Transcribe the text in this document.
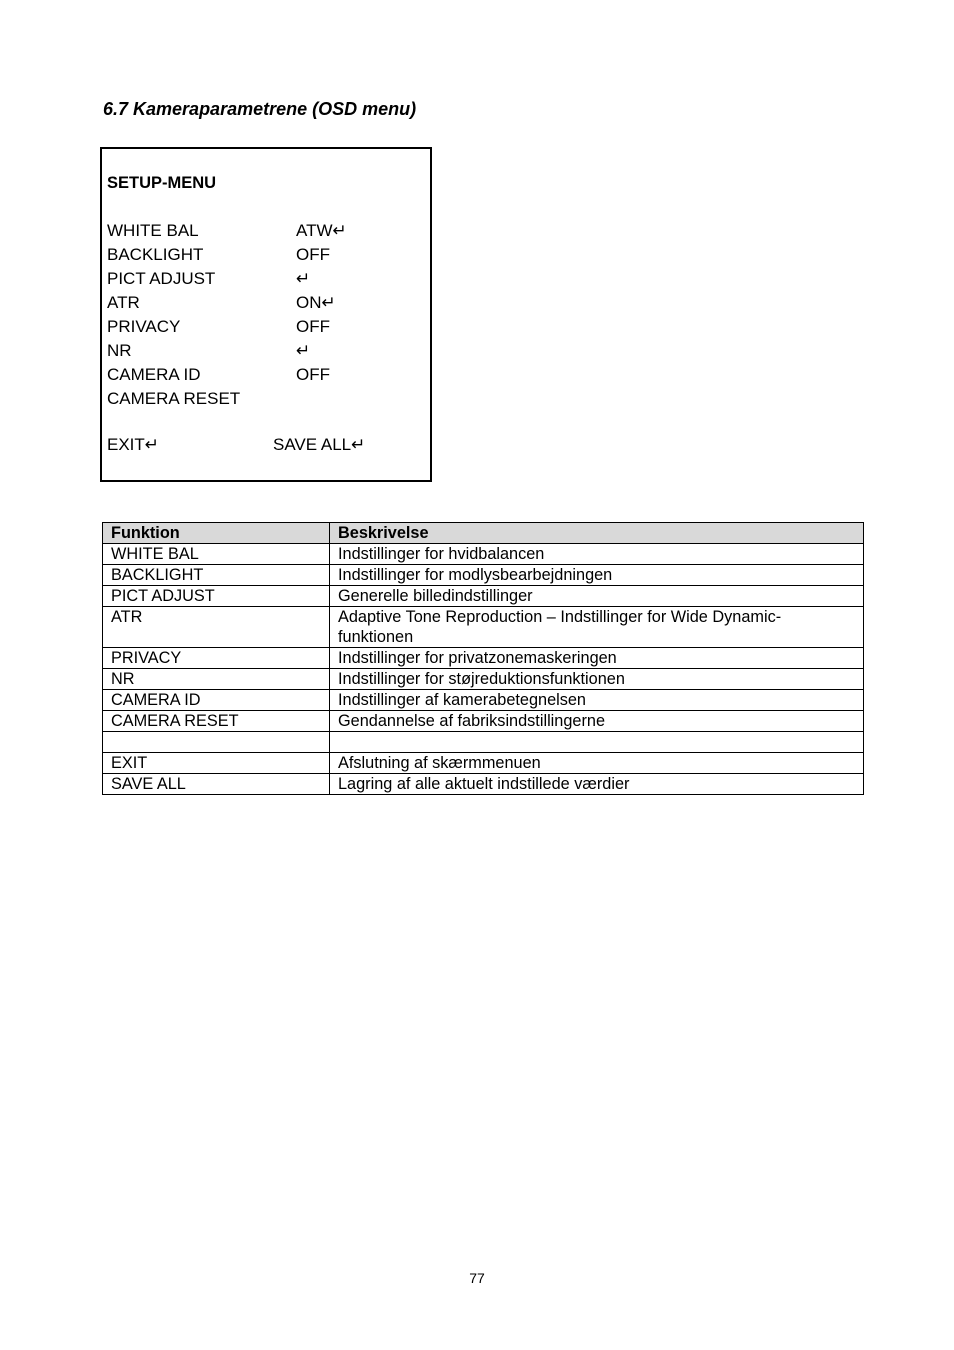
6.7 Kameraparametrene (OSD menu)
SETUP-MENU
WHITE BAL	ATW↵
BACKLIGHT	OFF
PICT ADJUST	↵
ATR	ON↵
PRIVACY	OFF
NR	↵
CAMERA ID	OFF
CAMERA RESET
EXIT↵	SAVE ALL↵
Funktion	Beskrivelse
WHITE BAL	Indstillinger for hvidbalancen
BACKLIGHT	Indstillinger for modlysbearbejdningen
PICT ADJUST	Generelle billedindstillinger
ATR	Adaptive Tone Reproduction – Indstillinger for Wide Dynamic-funktionen
PRIVACY	Indstillinger for privatzonemaskeringen
NR	Indstillinger for støjreduktionsfunktionen
CAMERA ID	Indstillinger af kamerabetegnelsen
CAMERA RESET	Gendannelse af fabriksindstillingerne

EXIT	Afslutning af skærmmenuen
SAVE ALL	Lagring af alle aktuelt indstillede værdier
77
